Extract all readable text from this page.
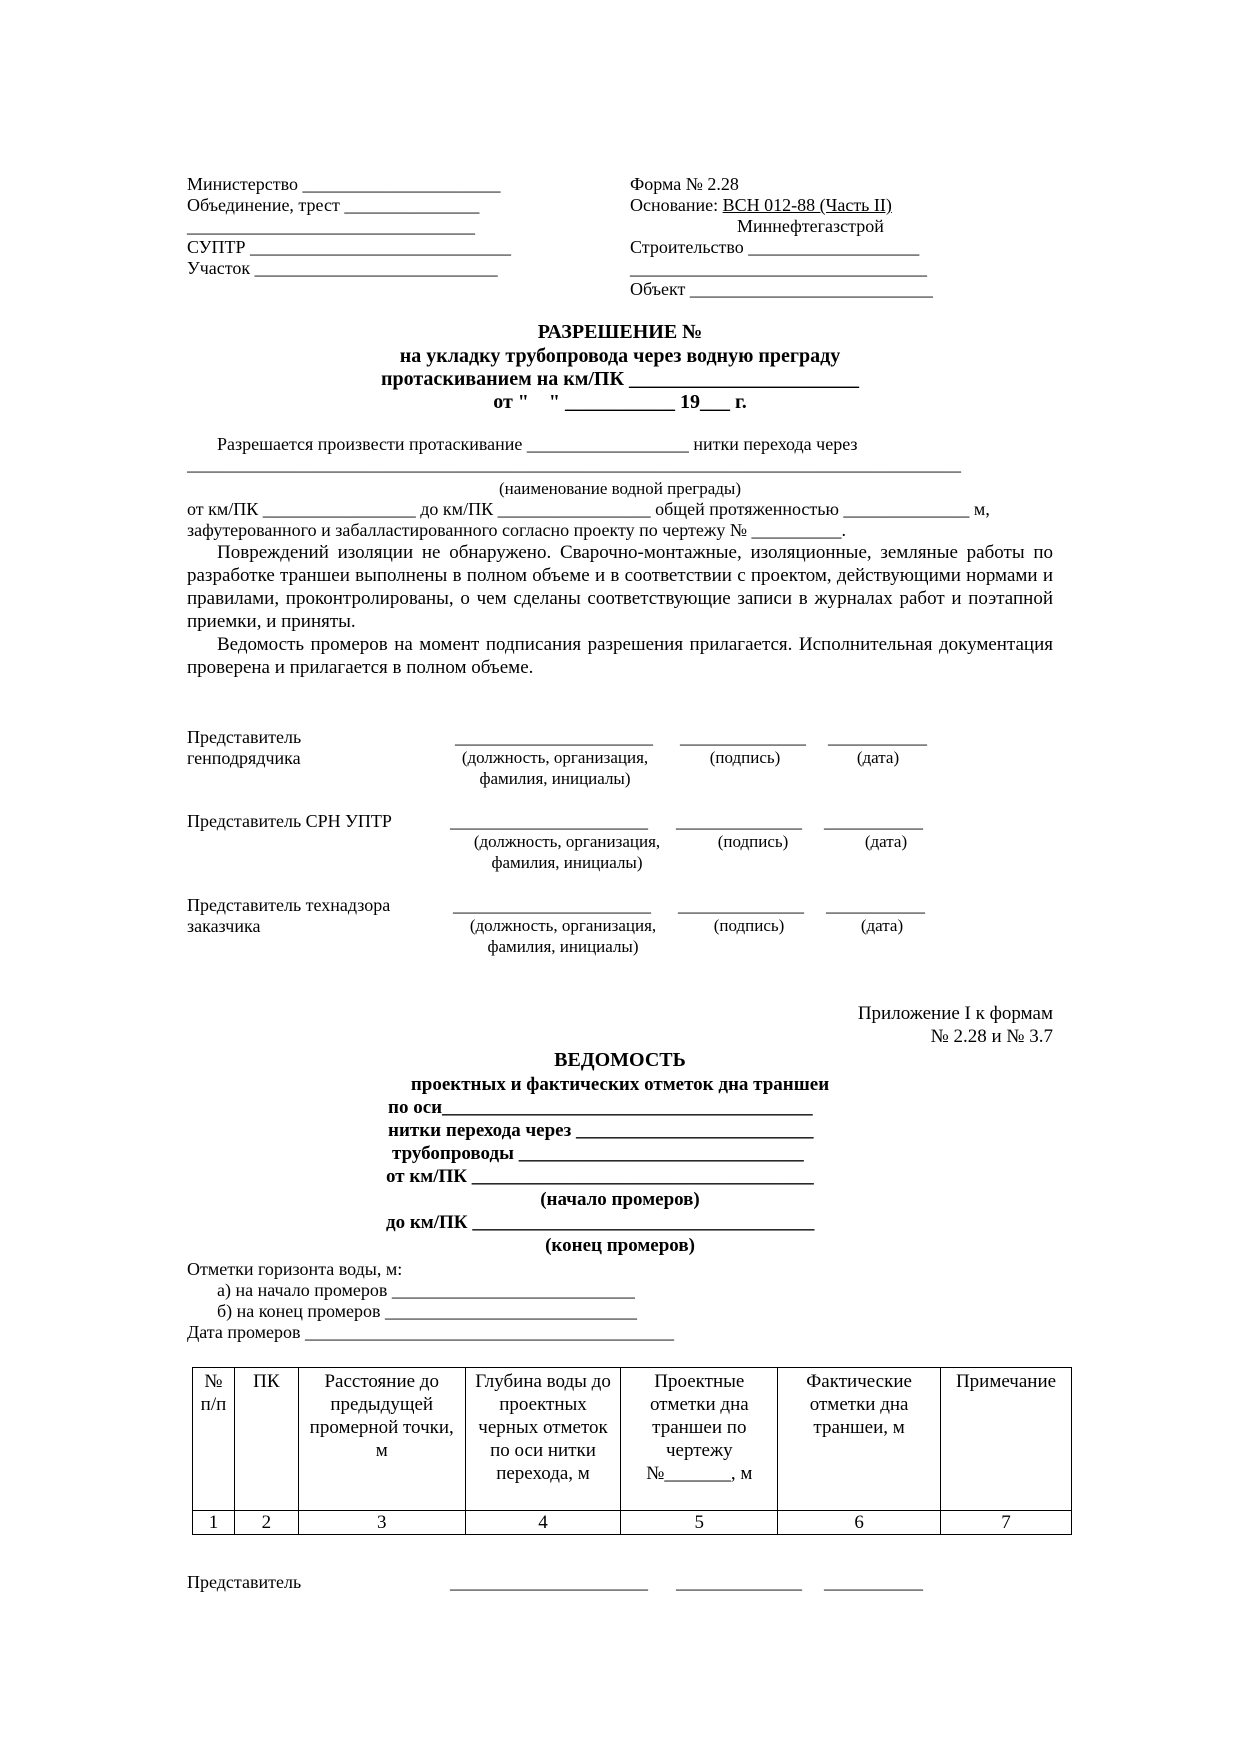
Министерство ______________________
Объединение, трест _______________
________________________________
СУПТР _____________________________
Участок ___________________________
Форма № 2.28
Основание: ВСН 012-88 (Часть II)
Миннефтегазстрой
Строительство ___________________
_________________________________
Объект ___________________________
РАЗРЕШЕНИЕ №
на укладку трубопровода через водную преграду
протаскиванием на км/ПК _______________________
от "    " ___________ 19___ г.
Разрешается произвести протаскивание __________________ нитки перехода через
______________________________________________________________________________________
(наименование водной преграды)
от км/ПК _________________ до км/ПК _________________ общей протяженностью ______________ м,
зафутерованного и забалластированного согласно проекту по чертежу № __________.
Повреждений изоляции не обнаружено. Сварочно-монтажные, изоляционные, земляные работы по разработке траншеи выполнены в полном объеме и в соответствии с проектом, действующими нормами и правилами, проконтролированы, о чем сделаны соответствующие записи в журналах работ и поэтапной приемки, и приняты.
Ведомость промеров на момент подписания разрешения прилагается. Исполнительная документация проверена и прилагается в полном объеме.
Представитель
генподрядчика
______________________ ______________ ___________
(должность, организация,
фамилия, инициалы)
(подпись)	(дата)
Представитель СРН УПТР	______________________ ______________ ___________
(должность, организация,
фамилия, инициалы)
(подпись)	(дата)
Представитель технадзора
заказчика
______________________ ______________ ___________
(должность, организация,
фамилия, инициалы)
(подпись)	(дата)
Приложение I к формам
№ 2.28 и № 3.7
ВЕДОМОСТЬ
проектных и фактических отметок дна траншеи
по оси_______________________________________
нитки перехода через _________________________
трубопроводы ______________________________
от км/ПК ____________________________________
(начало промеров)
до км/ПК ____________________________________
(конец промеров)
Отметки горизонта воды, м:
а) на начало промеров ___________________________
б) на конец промеров ____________________________
Дата промеров _________________________________________
№ п/п	ПК	Расстояние до предыдущей промерной точки, м	Глубина воды до проектных черных отметок по оси нитки перехода, м	Проектные отметки дна траншеи по чертежу №_______, м	Фактические отметки дна траншеи, м	Примечание
1	2	3	4	5	6	7
Представитель	______________________ ______________ ___________
